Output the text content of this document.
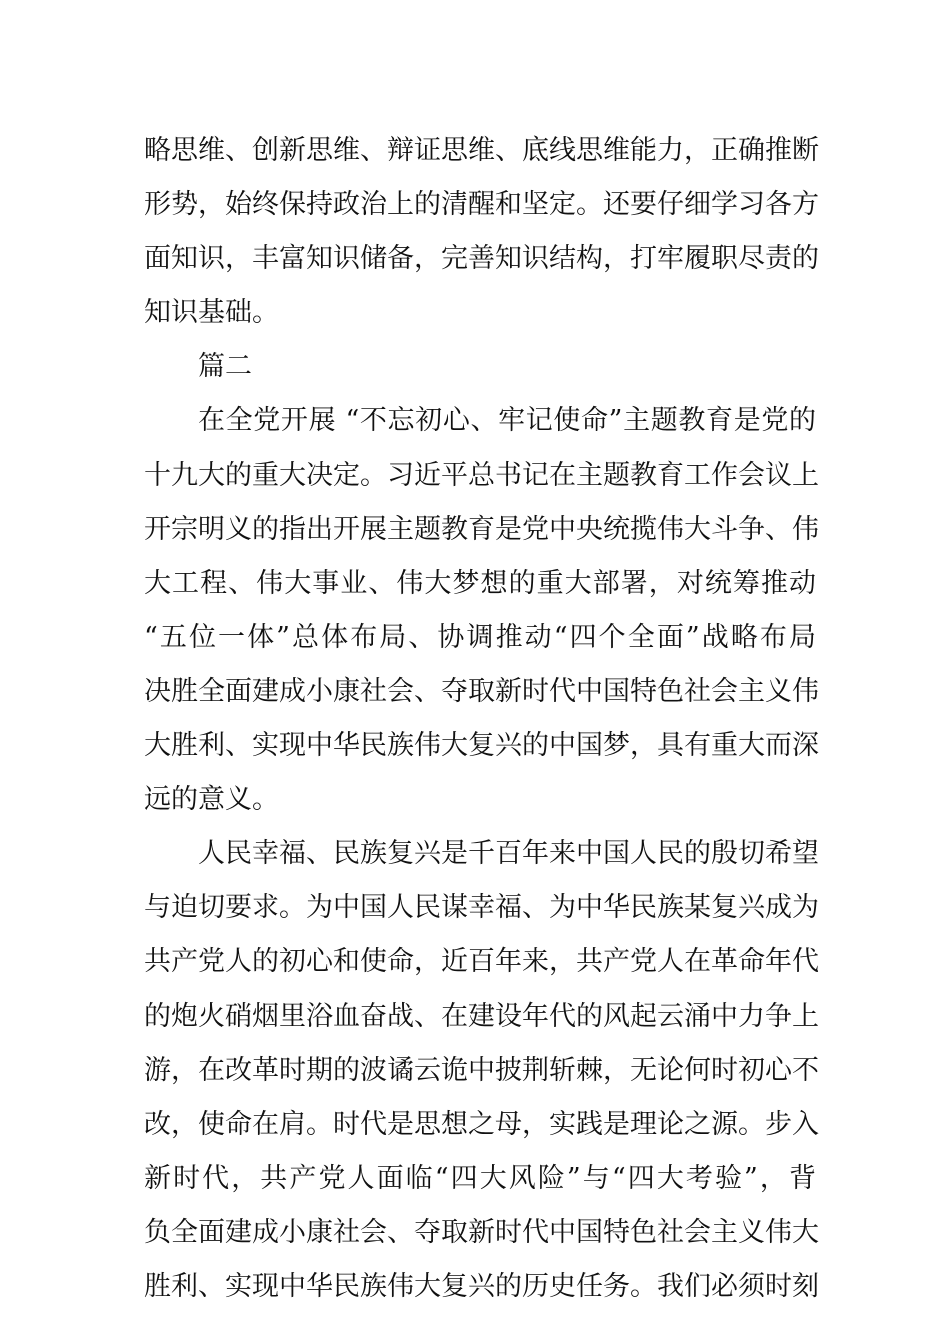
略思维、创新思维、辩证思维、底线思维能力，正确推断
形势，始终保持政治上的清醒和坚定。还要仔细学习各方
面知识，丰富知识储备，完善知识结构，打牢履职尽责的
知识基础。
篇二
在全党开展 “不忘初心、牢记使命”主题教育是党的
十九大的重大决定。习近平总书记在主题教育工作会议上
开宗明义的指出开展主题教育是党中央统揽伟大斗争、伟
大工程、伟大事业、伟大梦想的重大部署，对统筹推动
“五位一体”总体布局、协调推动“四个全面”战略布局
决胜全面建成小康社会、夺取新时代中国特色社会主义伟
大胜利、实现中华民族伟大复兴的中国梦，具有重大而深
远的意义。
人民幸福、民族复兴是千百年来中国人民的殷切希望
与迫切要求。为中国人民谋幸福、为中华民族某复兴成为
共产党人的初心和使命，近百年来，共产党人在革命年代
的炮火硝烟里浴血奋战、在建设年代的风起云涌中力争上
游，在改革时期的波谲云诡中披荆斩棘，无论何时初心不
改，使命在肩。时代是思想之母，实践是理论之源。步入
新时代，共产党人面临“四大风险”与“四大考验”，背
负全面建成小康社会、夺取新时代中国特色社会主义伟大
胜利、实现中华民族伟大复兴的历史任务。我们必须时刻
